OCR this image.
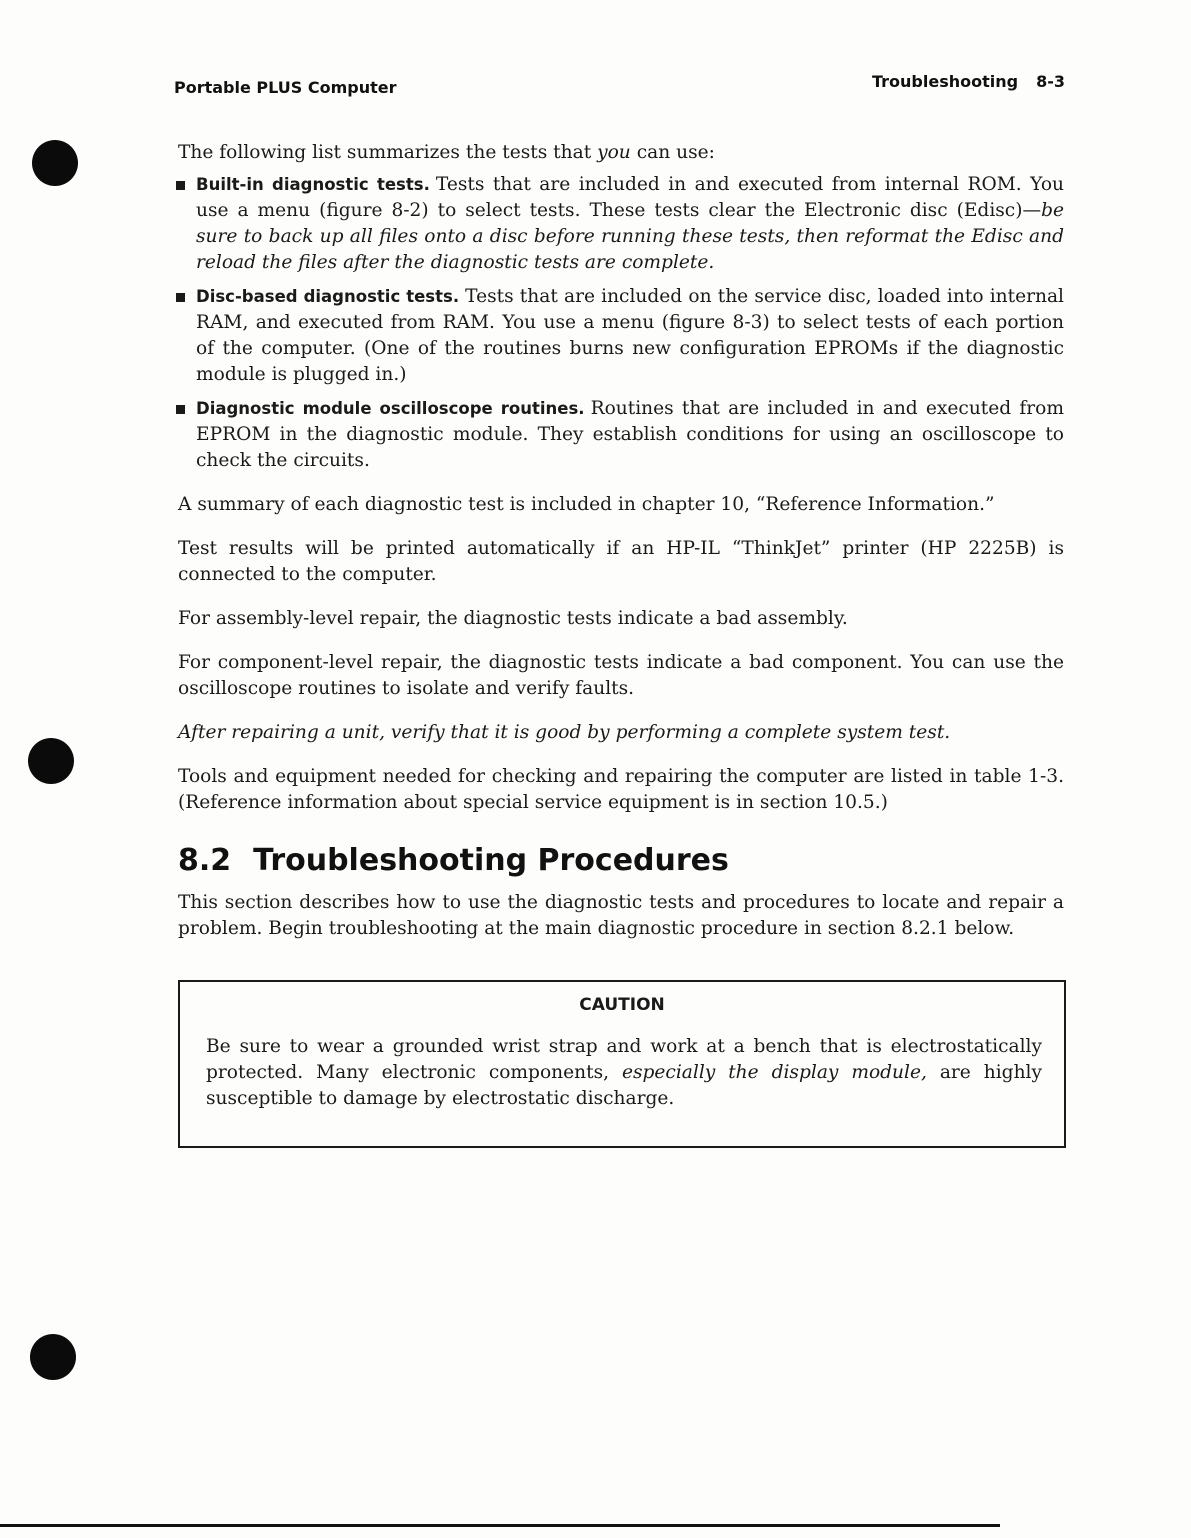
Portable PLUS Computer	Troubleshooting 8-3

The following list summarizes the tests that you can use:

Built-in diagnostic tests. Tests that are included in and executed from internal ROM. You use a menu (figure 8-2) to select tests. These tests clear the Electronic disc (Edisc)—be sure to back up all files onto a disc before running these tests, then reformat the Edisc and reload the files after the diagnostic tests are complete.
Disc-based diagnostic tests. Tests that are included on the service disc, loaded into internal RAM, and executed from RAM. You use a menu (figure 8-3) to select tests of each portion of the computer. (One of the routines burns new configuration EPROMs if the diagnostic module is plugged in.)
Diagnostic module oscilloscope routines. Routines that are included in and executed from EPROM in the diagnostic module. They establish conditions for using an oscilloscope to check the circuits.

A summary of each diagnostic test is included in chapter 10, “Reference Information.”

Test results will be printed automatically if an HP-IL “ThinkJet” printer (HP 2225B) is connected to the computer.

For assembly-level repair, the diagnostic tests indicate a bad assembly.

For component-level repair, the diagnostic tests indicate a bad component. You can use the oscilloscope routines to isolate and verify faults.

After repairing a unit, verify that it is good by performing a complete system test.

Tools and equipment needed for checking and repairing the computer are listed in table 1-3. (Reference information about special service equipment is in section 10.5.)

8.2 Troubleshooting Procedures

This section describes how to use the diagnostic tests and procedures to locate and repair a problem. Begin troubleshooting at the main diagnostic procedure in section 8.2.1 below.

CAUTION

Be sure to wear a grounded wrist strap and work at a bench that is electrostatically protected. Many electronic components, especially the display module, are highly susceptible to damage by electrostatic discharge.
